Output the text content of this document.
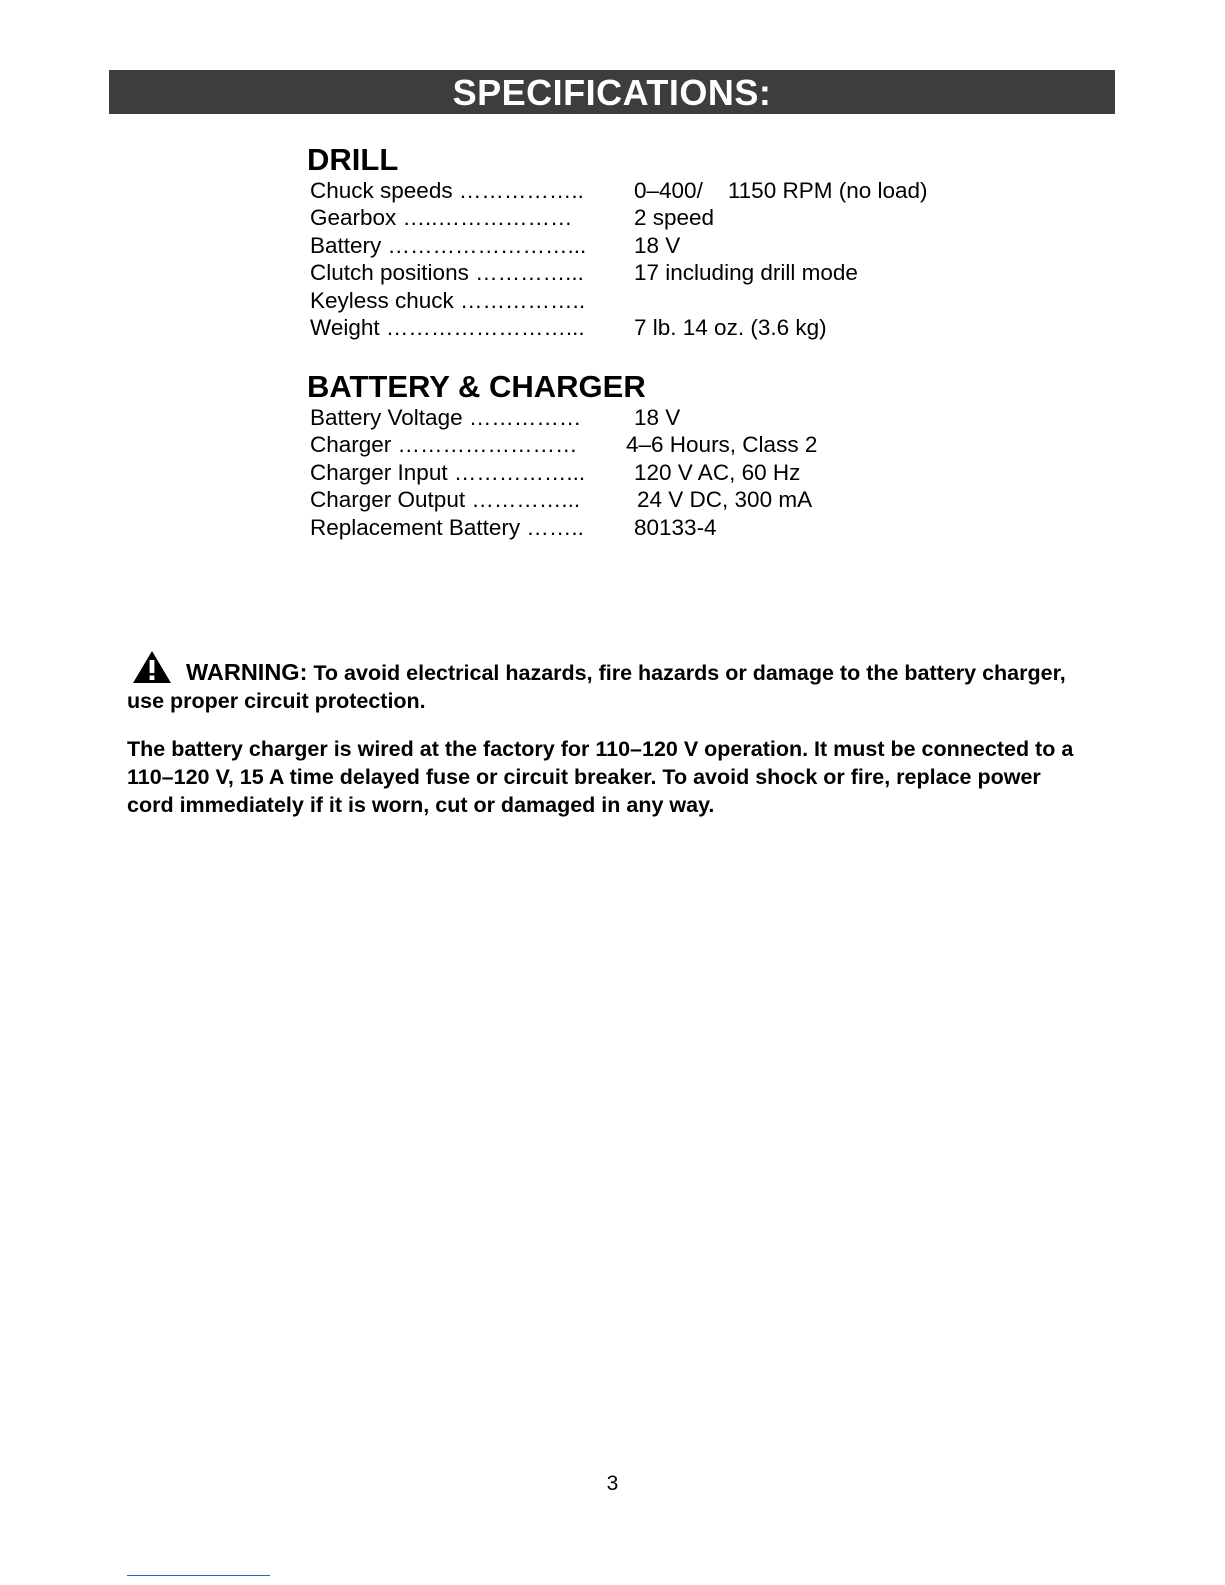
SPECIFICATIONS:
DRILL
Chuck speeds …………….. 0–400/    1150 RPM (no load)
Gearbox …..………………	2 speed
Battery ……………………... 18 V
Clutch positions …………... 17 including drill mode
Keyless chuck ……………..
Weight ……………………... 7 lb. 14 oz. (3.6 kg)
BATTERY & CHARGER
Battery Voltage …………… 18 V
Charger …………………… 4–6 Hours, Class 2
Charger Input ……………... 120 V AC, 60 Hz
Charger Output …………...	24 V DC, 300 mA
Replacement Battery …….. 80133-4
WARNING: To avoid electrical hazards, fire hazards or damage to the battery charger, use proper circuit protection.
The battery charger is wired at the factory for 110–120 V operation. It must be connected to a 110–120 V, 15 A time delayed fuse or circuit breaker. To avoid shock or fire, replace power cord immediately if it is worn, cut or damaged in any way.
3
